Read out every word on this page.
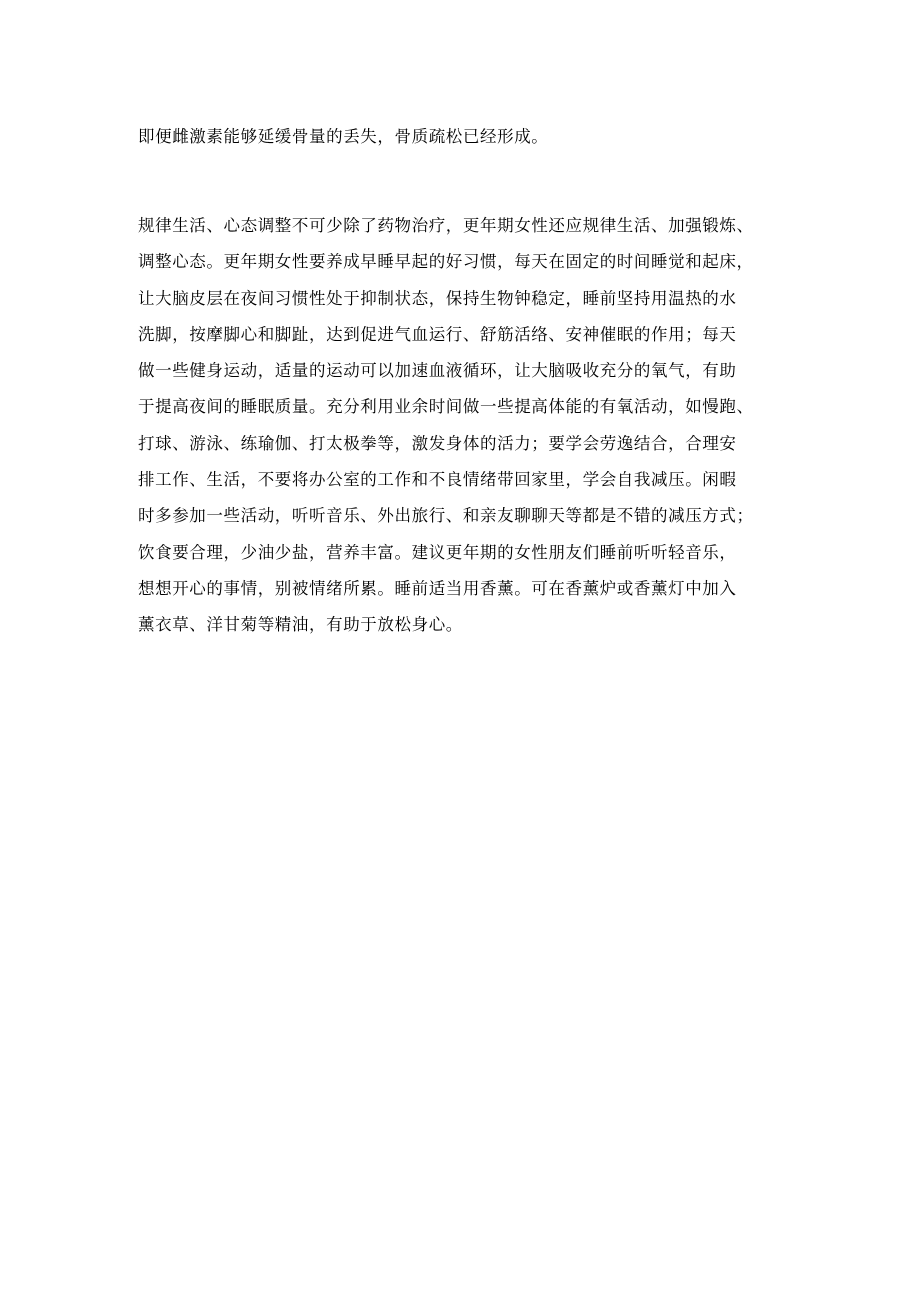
即便雌激素能够延缓骨量的丢失，骨质疏松已经形成。
规律生活、心态调整不可少除了药物治疗，更年期女性还应规律生活、加强锻炼、
调整心态。更年期女性要养成早睡早起的好习惯，每天在固定的时间睡觉和起床，
让大脑皮层在夜间习惯性处于抑制状态，保持生物钟稳定，睡前坚持用温热的水
洗脚，按摩脚心和脚趾，达到促进气血运行、舒筋活络、安神催眠的作用；每天
做一些健身运动，适量的运动可以加速血液循环，让大脑吸收充分的氧气，有助
于提高夜间的睡眠质量。充分利用业余时间做一些提高体能的有氧活动，如慢跑、
打球、游泳、练瑜伽、打太极拳等，激发身体的活力；要学会劳逸结合，合理安
排工作、生活，不要将办公室的工作和不良情绪带回家里，学会自我减压。闲暇
时多参加一些活动，听听音乐、外出旅行、和亲友聊聊天等都是不错的减压方式；
饮食要合理，少油少盐，营养丰富。建议更年期的女性朋友们睡前听听轻音乐，
想想开心的事情，别被情绪所累。睡前适当用香薰。可在香薰炉或香薰灯中加入
薰衣草、洋甘菊等精油，有助于放松身心。
